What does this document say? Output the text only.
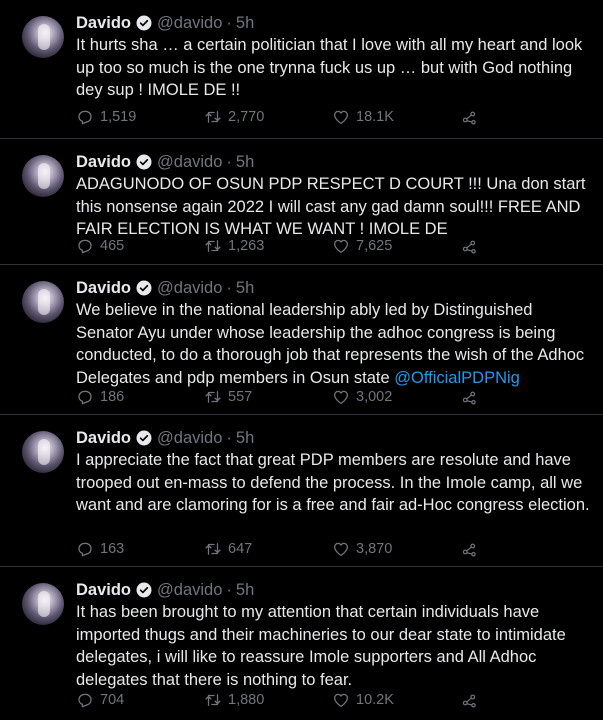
Davido @davido · 5h
It hurts sha … a certain politician that I love with all my heart and look up too so much is the one trynna fuck us up … but with God nothing dey sup ! IMOLE DE !!
1,519	2,770	18.1K
Davido @davido · 5h
ADAGUNODO OF OSUN PDP RESPECT D COURT !!! Una don start this nonsense again 2022 I will cast any gad damn soul!!! FREE AND FAIR ELECTION IS WHAT WE WANT ! IMOLE DE
465	1,263	7,625
Davido @davido · 5h
We believe in the national leadership ably led by Distinguished Senator Ayu under whose leadership the adhoc congress is being conducted, to do a thorough job that represents the wish of the Adhoc Delegates and pdp members in Osun state @OfficialPDPNig
186	557	3,002
Davido @davido · 5h
I appreciate the fact that great PDP members are resolute and have trooped out en-mass to defend the process. In the Imole camp, all we want and are clamoring for is a free and fair ad-Hoc congress election.
163	647	3,870
Davido @davido · 5h
It has been brought to my attention that certain individuals have imported thugs and their machineries to our dear state to intimidate delegates, i will like to reassure Imole supporters and All Adhoc delegates that there is nothing to fear.
704	1,880	10.2K
